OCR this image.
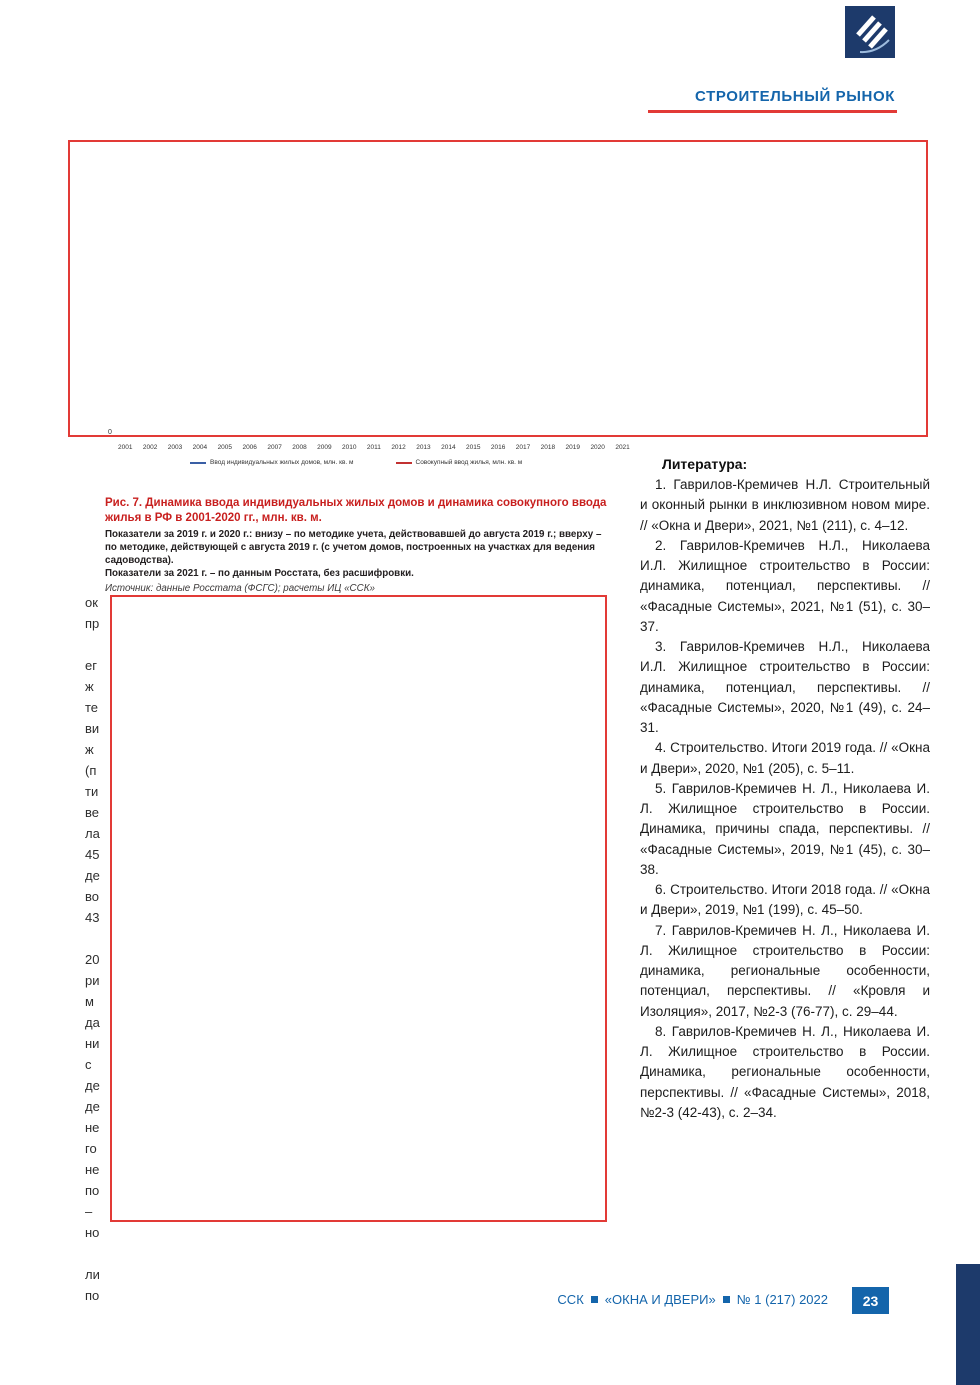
СТРОИТЕЛЬНЫЙ РЫНОК
0
2001 2002 2003 2004 2005 2006 2007 2008 2009 2010 2011 2012 2013 2014 2015 2016 2017 2018 2019 2020 2021
Ввод индивидуальных жилых домов, млн. кв. м	Совокупный ввод жилья, млн. кв. м
Рис. 7. Динамика ввода индивидуальных жилых домов и динамика совокупного ввода жилья в РФ в 2001-2020 гг., млн. кв. м.
Показатели за 2019 г. и 2020 г.: внизу – по методике учета, действовавшей до августа 2019 г.; вверху – по методике, действующей с августа 2019 г. (с учетом домов, построенных на участках для ведения садоводства).
Показатели за 2021 г. – по данным Росстата, без расшифровки.
Источник: данные Росстата (ФСГС); расчеты ИЦ «ССК»
ок
пр
ег
ж
те
ви
ж
(п
ти
ве
ла
45
де
во
43
20
ри
м
да
ни
с
де
де
не
го
не
по
–
но
ли
по
Литература:

1. Гаврилов-Кремичев Н.Л. Строительный и оконный рынки в инклюзивном новом мире. // «Окна и Двери», 2021, №1 (211), с. 4–12.

2. Гаврилов-Кремичев Н.Л., Николаева И.Л. Жилищное строительство в России: динамика, потенциал, перспективы. // «Фасадные Системы», 2021, №1 (51), с. 30–37.

3. Гаврилов-Кремичев Н.Л., Николаева И.Л. Жилищное строительство в России: динамика, потенциал, перспективы. // «Фасадные Системы», 2020, №1 (49), с. 24–31.

4. Строительство. Итоги 2019 года. // «Окна и Двери», 2020, №1 (205), с. 5–11.

5. Гаврилов-Кремичев Н. Л., Николаева И. Л. Жилищное строительство в России. Динамика, причины спада, перспективы. // «Фасадные Системы», 2019, №1 (45), с. 30–38.

6. Строительство. Итоги 2018 года. // «Окна и Двери», 2019, №1 (199), с. 45–50.

7. Гаврилов-Кремичев Н. Л., Николаева И. Л. Жилищное строительство в России: динамика, региональные особенности, потенциал, перспективы. // «Кровля и Изоляция», 2017, №2-3 (76-77), с. 29–44.

8. Гаврилов-Кремичев Н. Л., Николаева И. Л. Жилищное строительство в России. Динамика, региональные особенности, перспективы. // «Фасадные Системы», 2018, №2-3 (42-43), с. 2–34.

ССК «ОКНА И ДВЕРИ» № 1 (217) 2022	23
